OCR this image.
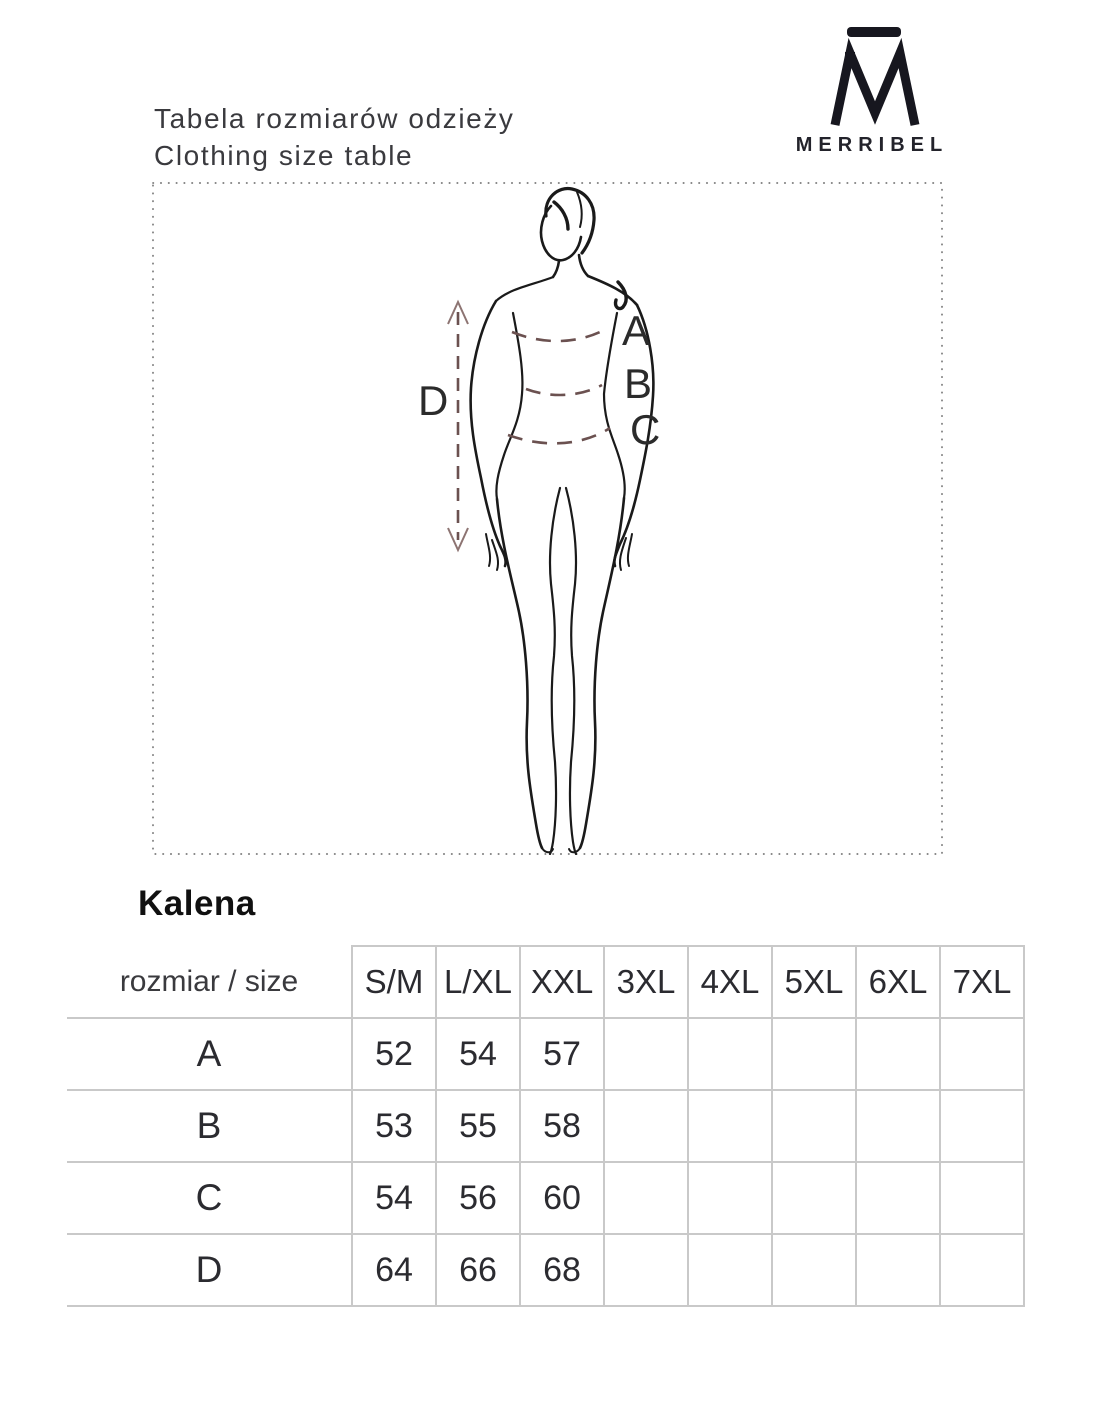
Tabela rozmiarów odzieży
Clothing size table	MERRIBEL
A
B
C
D
Kalena
rozmiar / size	S/M	L/XL	XXL	3XL	4XL	5XL	6XL	7XL
A	52	54	57					
B	53	55	58					
C	54	56	60					
D	64	66	68					
